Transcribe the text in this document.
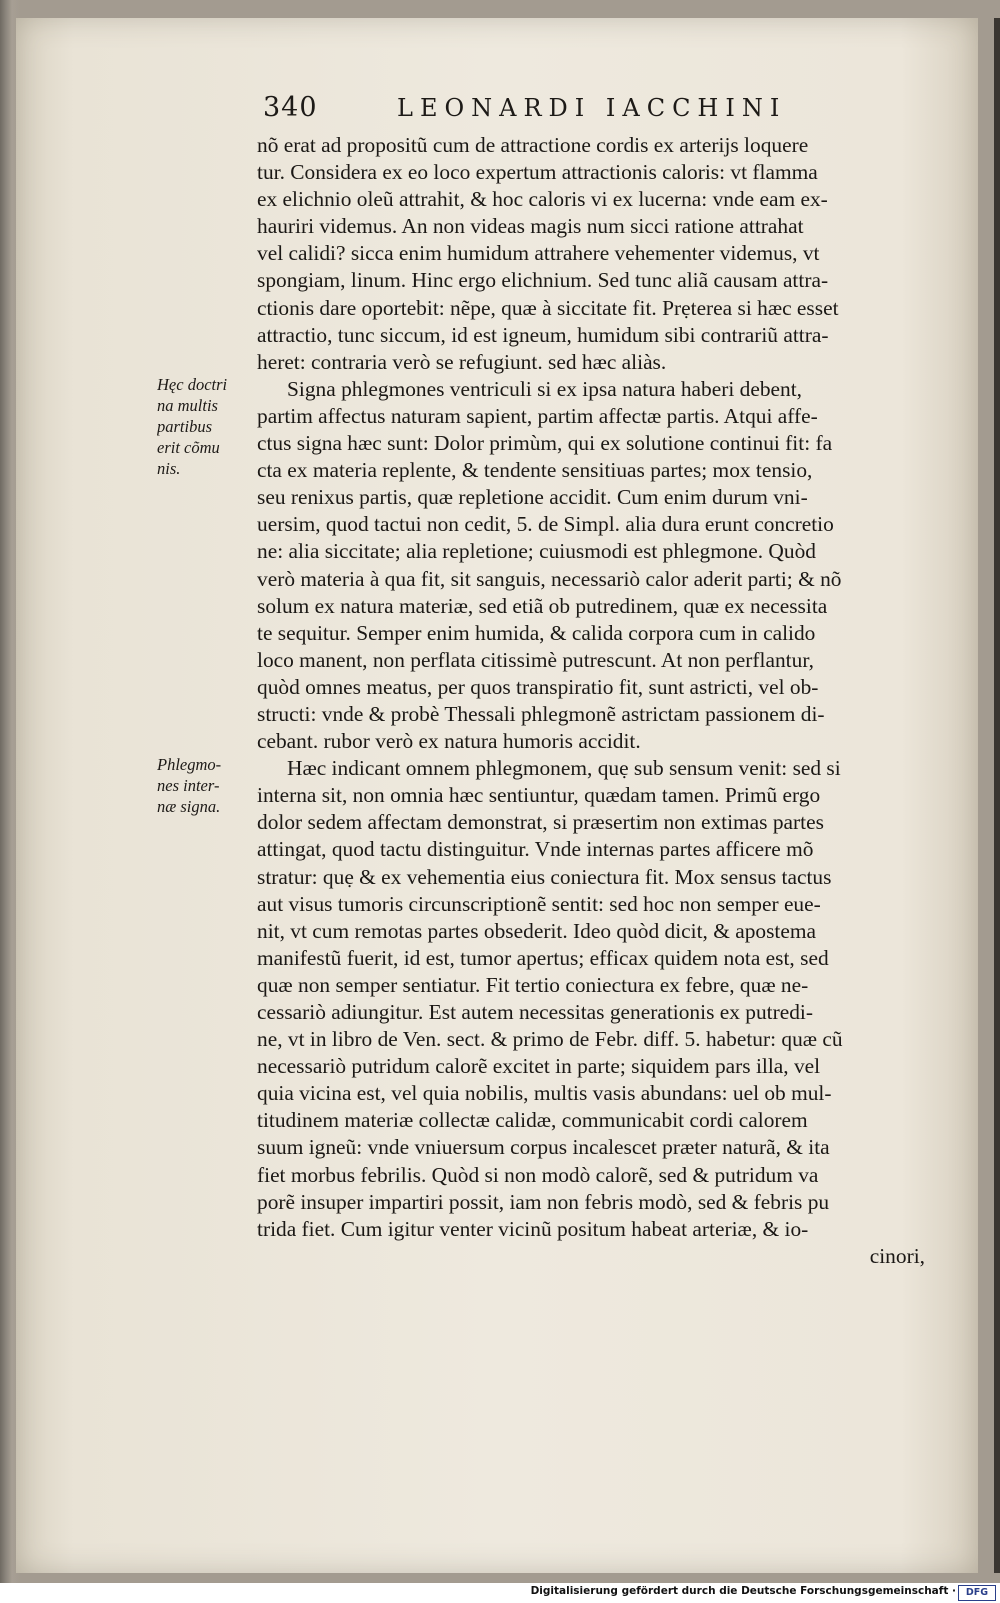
340	LEONARDI IACCHINI
nõ erat ad propositũ cum de attractione cordis ex arterijs loquere
tur. Considera ex eo loco expertum attractionis caloris: vt flamma
ex elichnio oleũ attrahit, & hoc caloris vi ex lucerna: vnde eam ex-
hauriri videmus. An non videas magis num sicci ratione attrahat
vel calidi? sicca enim humidum attrahere vehementer videmus, vt
spongiam, linum. Hinc ergo elichnium. Sed tunc aliã causam attra-
ctionis dare oportebit: nẽpe, quæ à siccitate fit. Prẹterea si hæc esset
attractio, tunc siccum, id est igneum, humidum sibi contrariũ attra-
heret: contraria verò se refugiunt. sed hæc aliàs.
Signa phlegmones ventriculi si ex ipsa natura haberi debent,
partim affectus naturam sapient, partim affectæ partis. Atqui affe-
ctus signa hæc sunt: Dolor primùm, qui ex solutione continui fit: fa
cta ex materia replente, & tendente sensitiuas partes; mox tensio,
seu renixus partis, quæ repletione accidit. Cum enim durum vni-
uersim, quod tactui non cedit, 5. de Simpl. alia dura erunt concretio
ne: alia siccitate; alia repletione; cuiusmodi est phlegmone. Quòd
verò materia à qua fit, sit sanguis, necessariò calor aderit parti; & nõ
solum ex natura materiæ, sed etiã ob putredinem, quæ ex necessita
te sequitur. Semper enim humida, & calida corpora cum in calido
loco manent, non perflata citissimè putrescunt. At non perflantur,
quòd omnes meatus, per quos transpiratio fit, sunt astricti, vel ob-
structi: vnde & probè Thessali phlegmonẽ astrictam passionem di-
cebant. rubor verò ex natura humoris accidit.
Hæc indicant omnem phlegmonem, quẹ sub sensum venit: sed si
interna sit, non omnia hæc sentiuntur, quædam tamen. Primũ ergo
dolor sedem affectam demonstrat, si præsertim non extimas partes
attingat, quod tactu distinguitur. Vnde internas partes afficere mõ
stratur: quẹ & ex vehementia eius coniectura fit. Mox sensus tactus
aut visus tumoris circunscriptionẽ sentit: sed hoc non semper eue-
nit, vt cum remotas partes obsederit. Ideo quòd dicit, & apostema
manifestũ fuerit, id est, tumor apertus; efficax quidem nota est, sed
quæ non semper sentiatur. Fit tertio coniectura ex febre, quæ ne-
cessariò adiungitur. Est autem necessitas generationis ex putredi-
ne, vt in libro de Ven. sect. & primo de Febr. diff. 5. habetur: quæ cũ
necessariò putridum calorẽ excitet in parte; siquidem pars illa, vel
quia vicina est, vel quia nobilis, multis vasis abundans: uel ob mul-
titudinem materiæ collectæ calidæ, communicabit cordi calorem
suum igneũ: vnde vniuersum corpus incalescet præter naturã, & ita
fiet morbus febrilis. Quòd si non modò calorẽ, sed & putridum va
porẽ insuper impartiri possit, iam non febris modò, sed & febris pu
trida fiet. Cum igitur venter vicinũ positum habeat arteriæ, & io-
cinori,
Hęc doctri
na multis
partibus
erit cõmu
nis.
Phlegmo-
nes inter-
næ signa.
Digitalisierung gefördert durch die Deutsche Forschungsgemeinschaft ·	DFG
